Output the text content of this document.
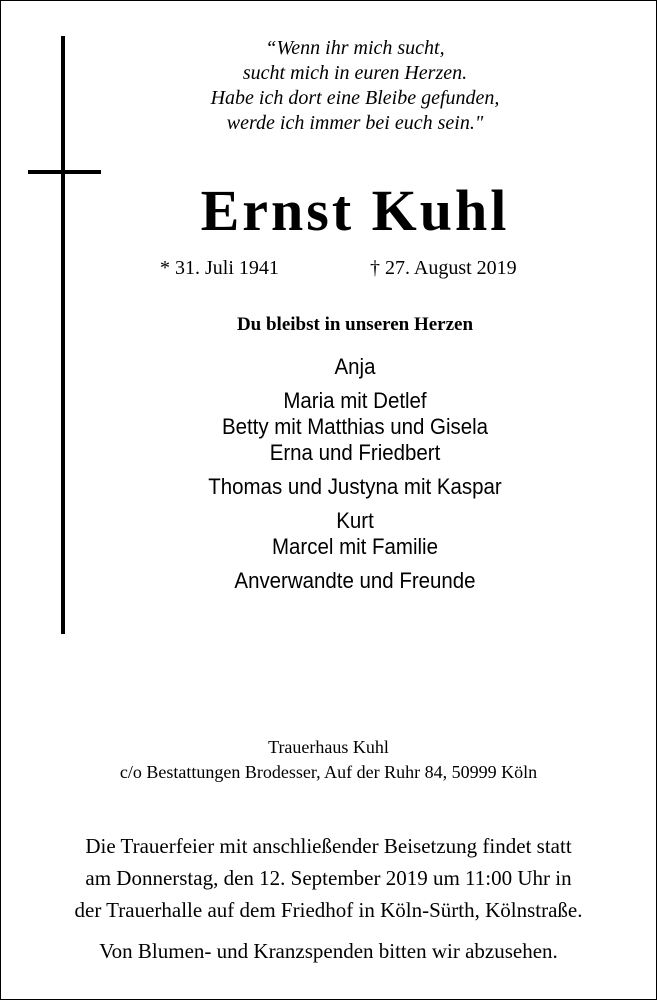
“Wenn ihr mich sucht,
sucht mich in euren Herzen.
Habe ich dort eine Bleibe gefunden,
werde ich immer bei euch sein."
Ernst Kuhl
* 31. Juli 1941	† 27. August 2019
Du bleibst in unseren Herzen
Anja
Maria mit Detlef
Betty mit Matthias und Gisela
Erna und Friedbert
Thomas und Justyna mit Kaspar
Kurt
Marcel mit Familie
Anverwandte und Freunde
Trauerhaus Kuhl
c/o Bestattungen Brodesser, Auf der Ruhr 84, 50999 Köln
Die Trauerfeier mit anschließender Beisetzung findet statt
am Donnerstag, den 12. September 2019 um 11:00 Uhr in
der Trauerhalle auf dem Friedhof in Köln-Sürth, Kölnstraße.
Von Blumen- und Kranzspenden bitten wir abzusehen.
